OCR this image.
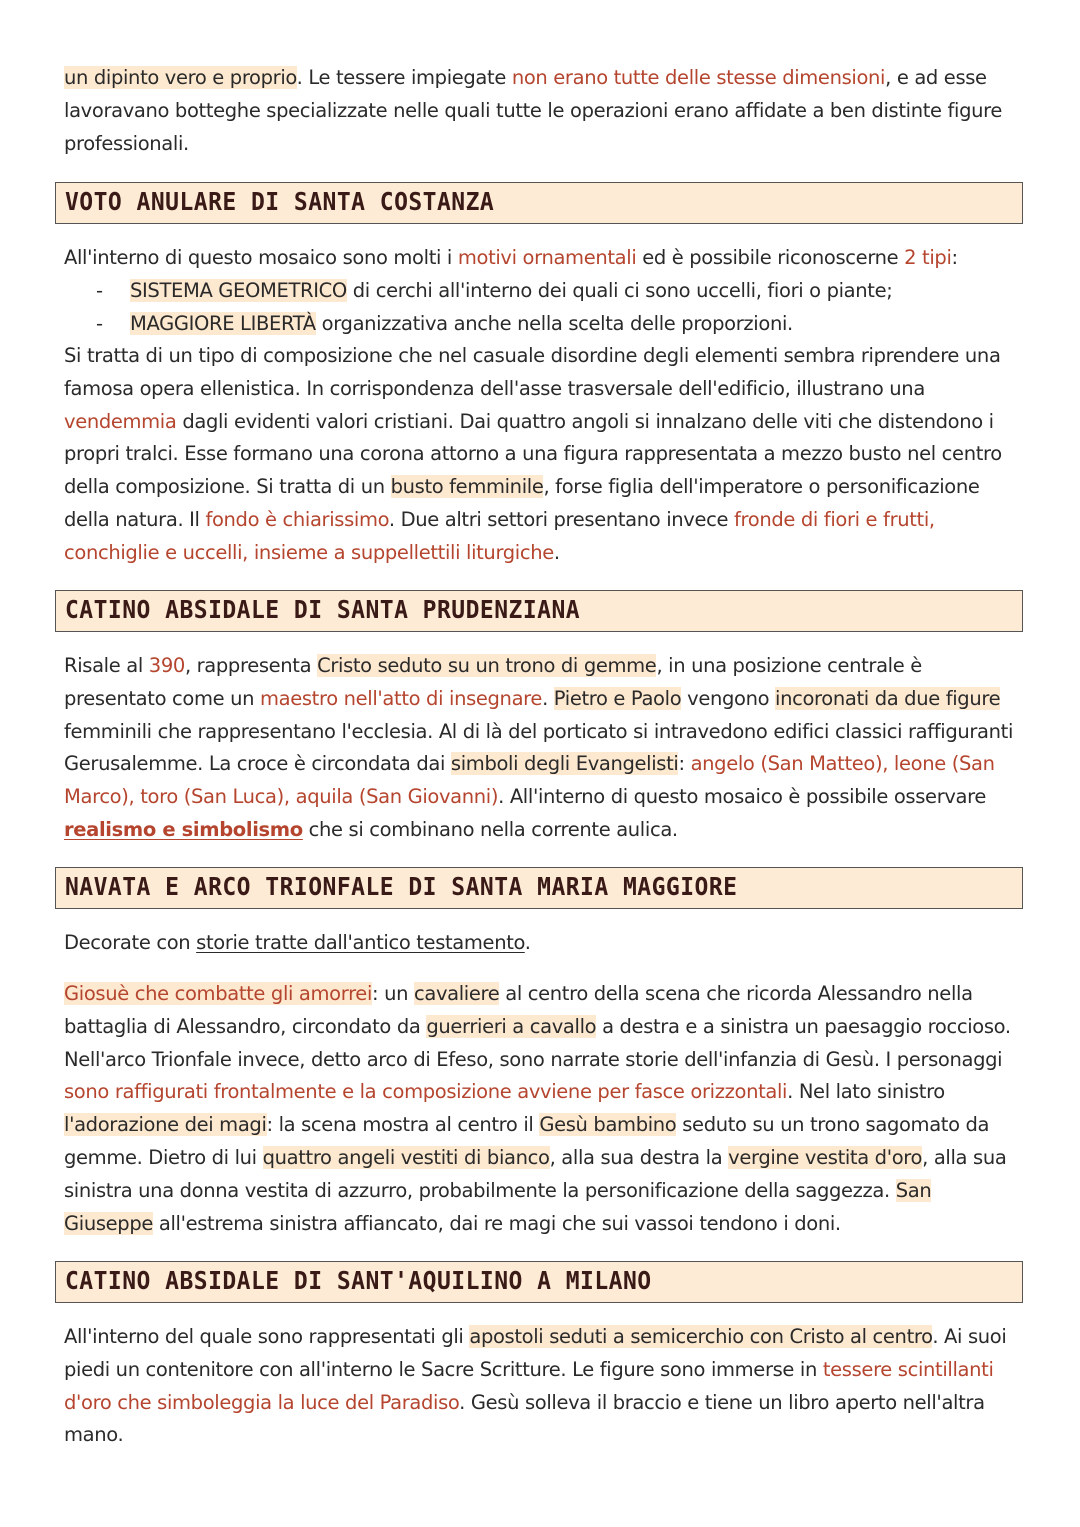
un dipinto vero e proprio. Le tessere impiegate non erano tutte delle stesse dimensioni, e ad esse lavoravano botteghe specializzate nelle quali tutte le operazioni erano affidate a ben distinte figure professionali.

VOTO ANULARE DI SANTA COSTANZA

All'interno di questo mosaico sono molti i motivi ornamentali ed è possibile riconoscerne 2 tipi:

- SISTEMA GEOMETRICO di cerchi all'interno dei quali ci sono uccelli, fiori o piante;
- MAGGIORE LIBERTÀ organizzativa anche nella scelta delle proporzioni.

Si tratta di un tipo di composizione che nel casuale disordine degli elementi sembra riprendere una famosa opera ellenistica. In corrispondenza dell'asse trasversale dell'edificio, illustrano una vendemmia dagli evidenti valori cristiani. Dai quattro angoli si innalzano delle viti che distendono i propri tralci. Esse formano una corona attorno a una figura rappresentata a mezzo busto nel centro della composizione. Si tratta di un busto femminile, forse figlia dell'imperatore o personificazione della natura. Il fondo è chiarissimo. Due altri settori presentano invece fronde di fiori e frutti, conchiglie e uccelli, insieme a suppellettili liturgiche.

CATINO ABSIDALE DI SANTA PRUDENZIANA

Risale al 390, rappresenta Cristo seduto su un trono di gemme, in una posizione centrale è presentato come un maestro nell'atto di insegnare. Pietro e Paolo vengono incoronati da due figure femminili che rappresentano l'ecclesia. Al di là del porticato si intravedono edifici classici raffiguranti Gerusalemme. La croce è circondata dai simboli degli Evangelisti: angelo (San Matteo), leone (San Marco), toro (San Luca), aquila (San Giovanni). All'interno di questo mosaico è possibile osservare realismo e simbolismo che si combinano nella corrente aulica.

NAVATA E ARCO TRIONFALE DI SANTA MARIA MAGGIORE

Decorate con storie tratte dall'antico testamento.

Giosuè che combatte gli amorrei: un cavaliere al centro della scena che ricorda Alessandro nella battaglia di Alessandro, circondato da guerrieri a cavallo a destra e a sinistra un paesaggio roccioso. Nell'arco Trionfale invece, detto arco di Efeso, sono narrate storie dell'infanzia di Gesù. I personaggi sono raffigurati frontalmente e la composizione avviene per fasce orizzontali. Nel lato sinistro l'adorazione dei magi: la scena mostra al centro il Gesù bambino seduto su un trono sagomato da gemme. Dietro di lui quattro angeli vestiti di bianco, alla sua destra la vergine vestita d'oro, alla sua sinistra una donna vestita di azzurro, probabilmente la personificazione della saggezza. San Giuseppe all'estrema sinistra affiancato, dai re magi che sui vassoi tendono i doni.

CATINO ABSIDALE DI SANT'AQUILINO A MILANO

All'interno del quale sono rappresentati gli apostoli seduti a semicerchio con Cristo al centro. Ai suoi piedi un contenitore con all'interno le Sacre Scritture. Le figure sono immerse in tessere scintillanti d'oro che simboleggia la luce del Paradiso. Gesù solleva il braccio e tiene un libro aperto nell'altra mano.
